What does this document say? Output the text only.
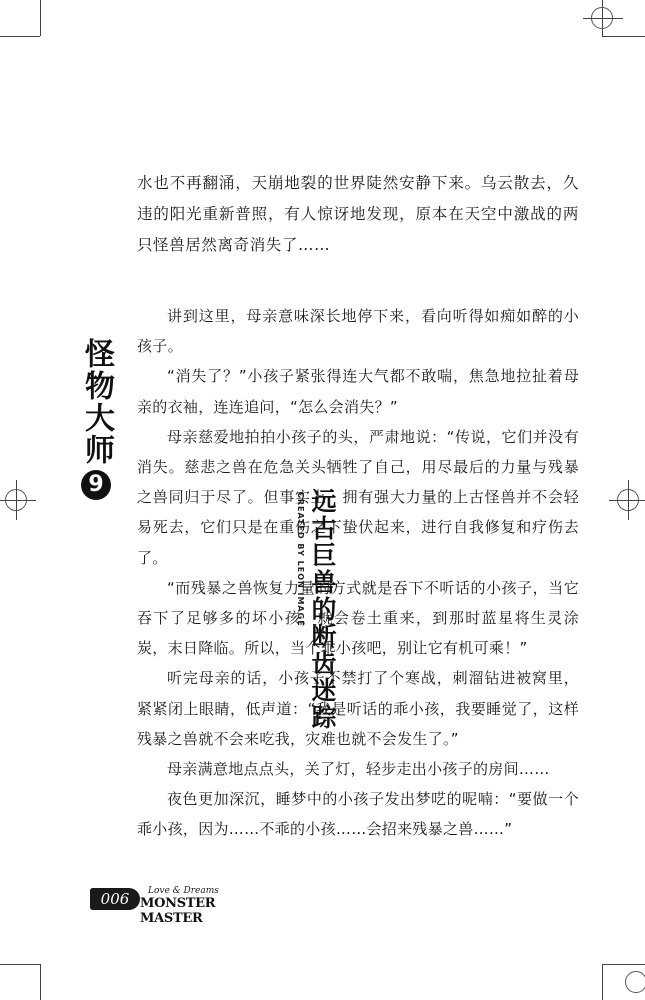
怪物大师
9
远古巨兽的断齿迷踪
CREATED BY LEON IMAGE

水也不再翻涌，天崩地裂的世界陡然安静下来。乌云散去，久违的阳光重新普照，有人惊讶地发现，原本在天空中激战的两只怪兽居然离奇消失了……

讲到这里，母亲意味深长地停下来，看向听得如痴如醉的小孩子。

“消失了？”小孩子紧张得连大气都不敢喘，焦急地拉扯着母亲的衣袖，连连追问，“怎么会消失？”

母亲慈爱地拍拍小孩子的头，严肃地说：“传说，它们并没有消失。慈悲之兽在危急关头牺牲了自己，用尽最后的力量与残暴之兽同归于尽了。但事实上，拥有强大力量的上古怪兽并不会轻易死去，它们只是在重伤之下蛰伏起来，进行自我修复和疗伤去了。

“而残暴之兽恢复力量的方式就是吞下不听话的小孩子，当它吞下了足够多的坏小孩，就会卷土重来，到那时蓝星将生灵涂炭，末日降临。所以，当个乖小孩吧，别让它有机可乘！”

听完母亲的话，小孩子不禁打了个寒战，刺溜钻进被窝里，紧紧闭上眼睛，低声道：“我是听话的乖小孩，我要睡觉了，这样残暴之兽就不会来吃我，灾难也就不会发生了。”

母亲满意地点点头，关了灯，轻步走出小孩子的房间……

夜色更加深沉，睡梦中的小孩子发出梦呓的呢喃：“要做一个乖小孩，因为……不乖的小孩……会招来残暴之兽……”

006	Love & Dreams
MONSTER MASTER
